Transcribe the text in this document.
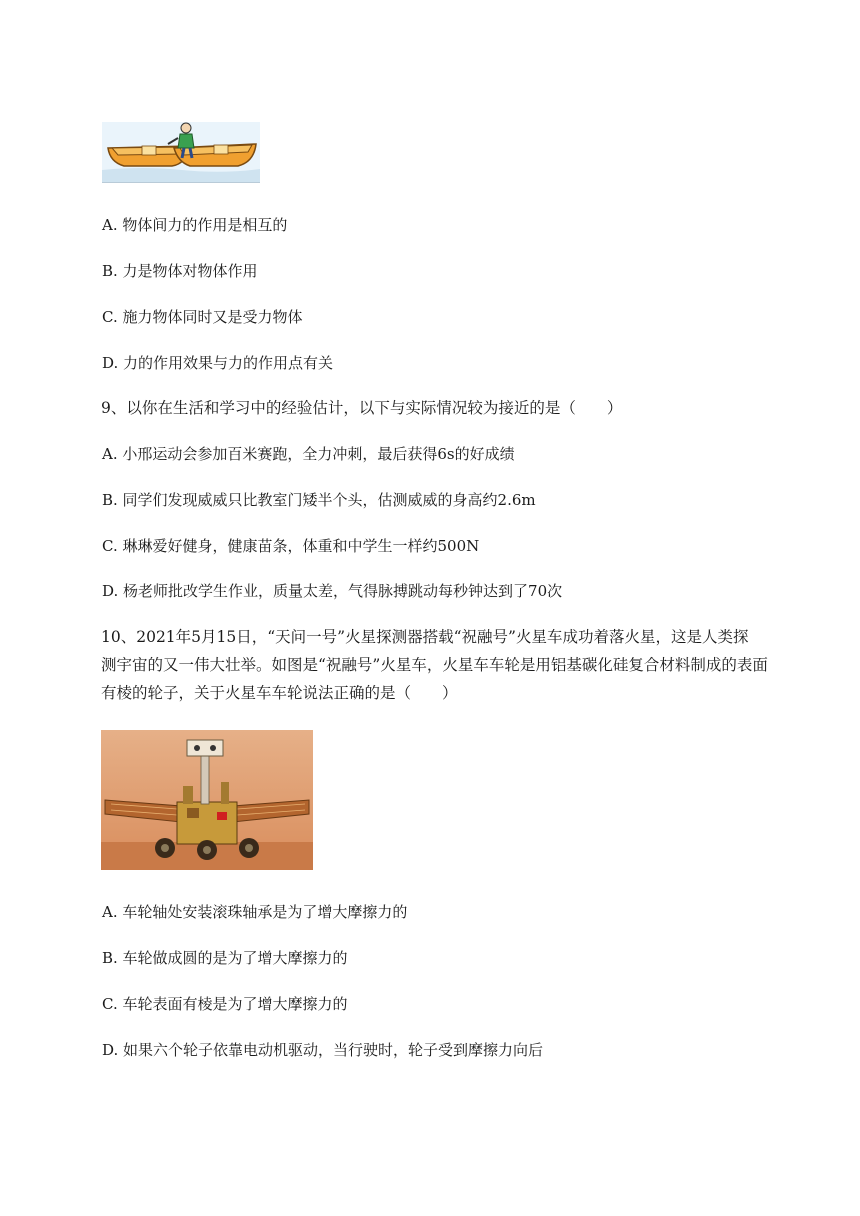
A. 物体间力的作用是相互的
B. 力是物体对物体作用
C. 施力物体同时又是受力物体
D. 力的作用效果与力的作用点有关
9、以你在生活和学习中的经验估计，以下与实际情况较为接近的是（　　）
A. 小邢运动会参加百米赛跑，全力冲刺，最后获得6s的好成绩
B. 同学们发现威威只比教室门矮半个头，估测威威的身高约2.6m
C. 琳琳爱好健身，健康苗条，体重和中学生一样约500N
D. 杨老师批改学生作业，质量太差，气得脉搏跳动每秒钟达到了70次
10、2021年5月15日，“天问一号”火星探测器搭载“祝融号”火星车成功着落火星，这是人类探
测宇宙的又一伟大壮举。如图是“祝融号”火星车，火星车车轮是用铝基碳化硅复合材料制成的表面
有棱的轮子，关于火星车车轮说法正确的是（　　）
A. 车轮轴处安装滚珠轴承是为了增大摩擦力的
B. 车轮做成圆的是为了增大摩擦力的
C. 车轮表面有棱是为了增大摩擦力的
D. 如果六个轮子依靠电动机驱动，当行驶时，轮子受到摩擦力向后
